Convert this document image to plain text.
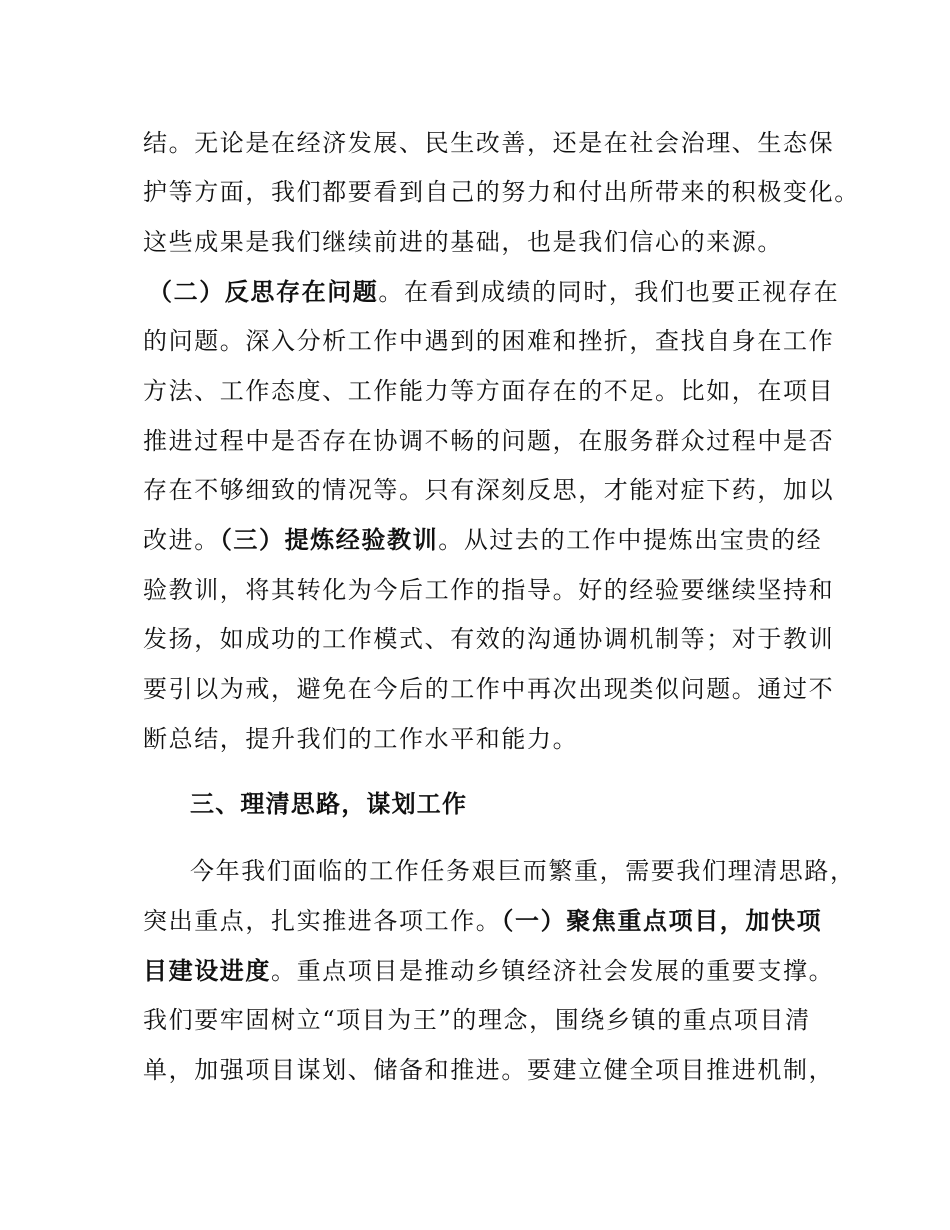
结。无论是在经济发展、民生改善，还是在社会治理、生态保
护等方面，我们都要看到自己的努力和付出所带来的积极变化。
这些成果是我们继续前进的基础，也是我们信心的来源。
（二）反思存在问题。在看到成绩的同时，我们也要正视存在
的问题。深入分析工作中遇到的困难和挫折，查找自身在工作
方法、工作态度、工作能力等方面存在的不足。比如，在项目
推进过程中是否存在协调不畅的问题，在服务群众过程中是否
存在不够细致的情况等。只有深刻反思，才能对症下药，加以
改进。（三）提炼经验教训。从过去的工作中提炼出宝贵的经
验教训，将其转化为今后工作的指导。好的经验要继续坚持和
发扬，如成功的工作模式、有效的沟通协调机制等；对于教训
要引以为戒，避免在今后的工作中再次出现类似问题。通过不
断总结，提升我们的工作水平和能力。
三、理清思路，谋划工作
今年我们面临的工作任务艰巨而繁重，需要我们理清思路，
突出重点，扎实推进各项工作。（一）聚焦重点项目，加快项
目建设进度。重点项目是推动乡镇经济社会发展的重要支撑。
我们要牢固树立“项目为王”的理念，围绕乡镇的重点项目清
单，加强项目谋划、储备和推进。要建立健全项目推进机制，
